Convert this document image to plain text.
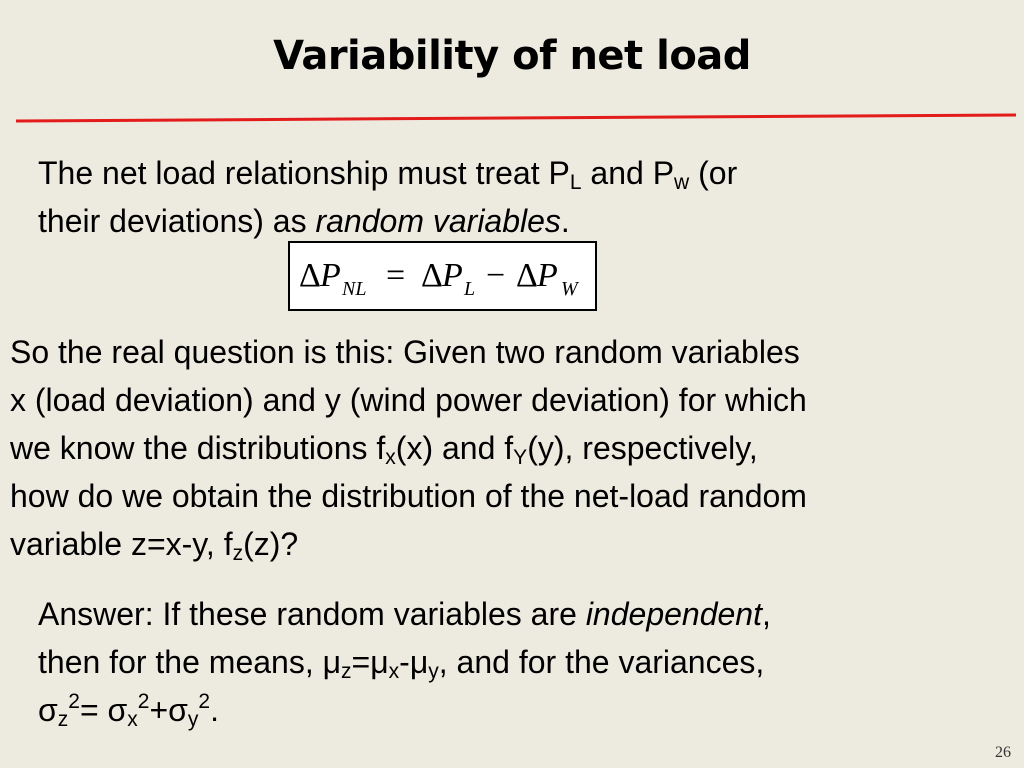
Variability of net load
The net load relationship must treat $P_L$ and $P_w$ (or
their deviations) as random variables.
Δ P NL = Δ P L − Δ P W
So the real question is this: Given two random variables
x (load deviation) and y (wind power deviation) for which
we know the distributions $f_x(x)$ and $f_Y(y)$, respectively,
how do we obtain the distribution of the net-load random
variable z=x-y, $f_z(z)$?
Answer: If these random variables are independent,
then for the means, $\mu_z=\mu_x-\mu_y$, and for the variances,
$\sigma_z^2= \sigma_x^2+\sigma_y^2$.
26
